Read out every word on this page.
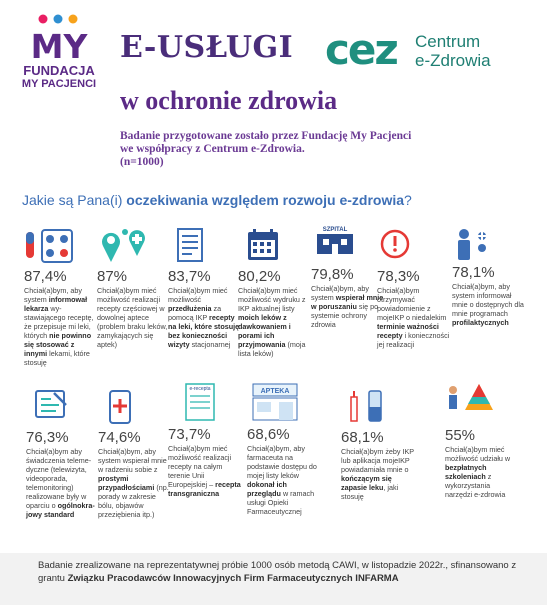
MY
FUNDACJA
MY PACJENCI
E-USŁUGI
w ochronie zdrowia
cez Centrum
e-Zdrowia
Badanie przygotowane zostało przez Fundację My Pacjenci
we współpracy z Centrum e-Zdrowia.
(n=1000)
Jakie są Pana(i) oczekiwania względem rozwoju e-zdrowia?
87,4%
Chciał(a)bym, aby system informował lekarza wystawiającego receptę, że przepisuje mi leki, których nie powinno się stosować z innymi lekami, które stosuję
87%
Chciał(a)bym mieć możliwość realizacji recepty częściowej w dowolnej aptece (problem braku leków, zamykających się aptek)
83,7%
Chciał(a)bym mieć możliwość przedłużenia za pomocą IKP recepty na leki, które stosuję bez konieczności wizyty stacjonarnej
80,2%
Chciał(a)bym mieć możliwość wydruku z IKP aktualnej listy moich leków z dawkowaniem i porami ich przyjmowania (moja lista leków)
SZPITAL
79,8%
Chciał(a)bym, aby system wspierał mnie w poruszaniu się po systemie ochrony zdrowia
78,3%
Chciał(a)bym otrzymywać powiadomienie z mojeIKP o niedalekim terminie ważności recepty i konieczności jej realizacji
78,1%
Chciał(a)bym, aby system informował mnie o dostępnych dla mnie programach profilaktycznych
76,3%
Chciał(a)bym aby świadczenia telemedyczne (telewizyta, videoporada, telemonitoring) realizowane były w oparciu o ogólnokrajowy standard
74,6%
Chciał(a)bym, aby system wspierał mnie w radzeniu sobie z prostymi przypadłościami (np. porady w zakresie bólu, objawów przeziębienia itp.)
e-recepta
73,7%
Chciał(a)bym mieć możliwość realizacji recepty na całym terenie Unii Europejskiej – recepta transgraniczna
APTEKA
68,6%
Chciał(a)bym, aby farmaceuta na podstawie dostępu do mojej listy leków dokonał ich przeglądu w ramach usługi Opieki Farmaceutycznej
68,1%
Chciał(a)bym żeby IKP lub aplikacja mojeIKP powiadamiała mnie o kończącym się zapasie leku, jaki stosuję
55%
Chciał(a)bym mieć możliwość udziału w bezpłatnych szkoleniach z wykorzystania narzędzi e-zdrowia
Badanie zrealizowane na reprezentatywnej próbie 1000 osób metodą CAWI, w listopadzie 2022r., sfinansowano z grantu Związku Pracodawców Innowacyjnych Firm Farmaceutycznych INFARMA
